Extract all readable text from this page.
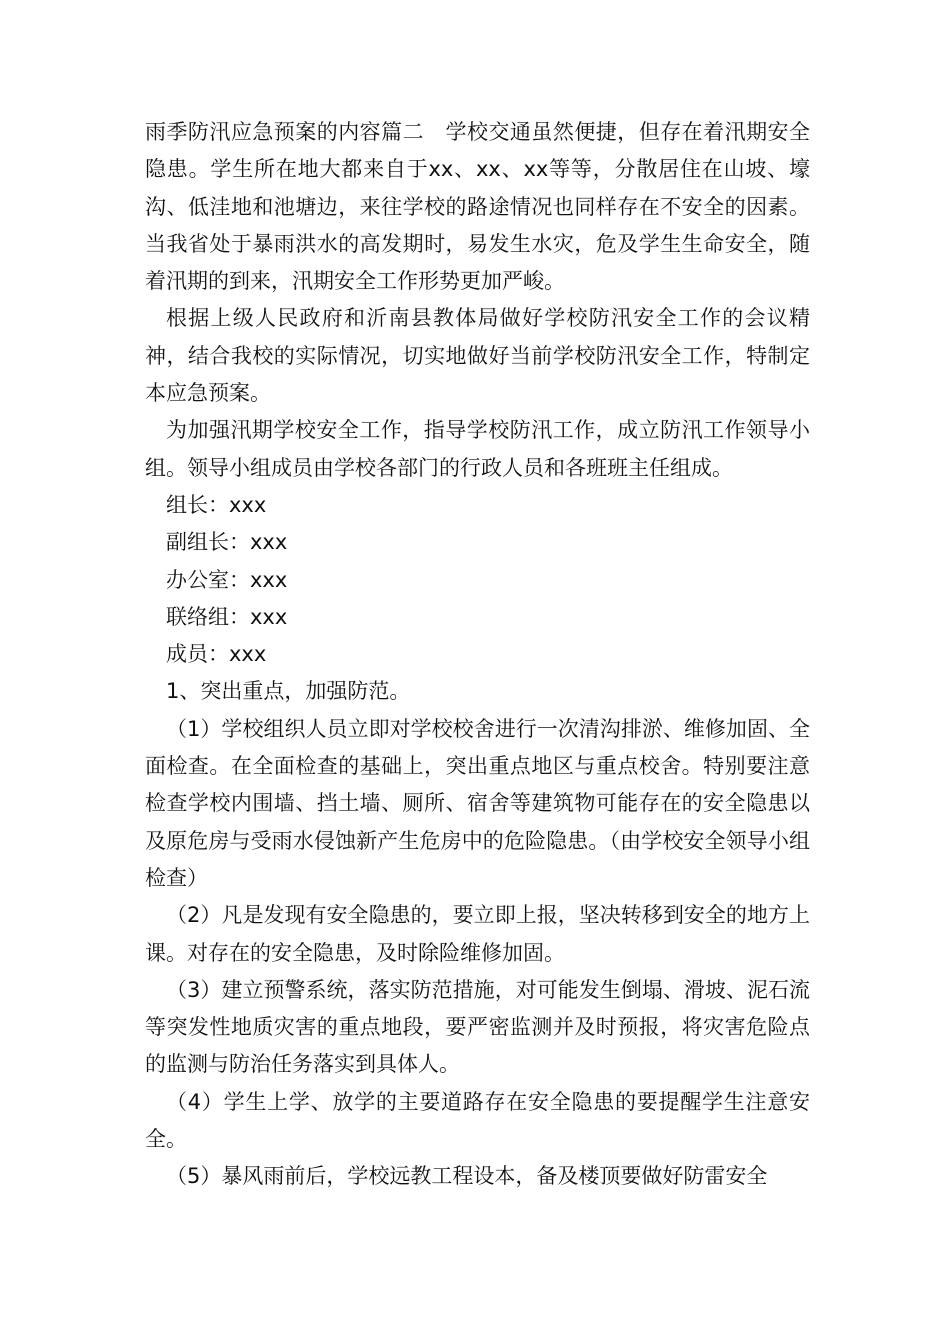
雨季防汛应急预案的内容篇二　学校交通虽然便捷，但存在着汛期安全隐患。学生所在地大都来自于xx、xx、xx等等，分散居住在山坡、壕沟、低洼地和池塘边，来往学校的路途情况也同样存在不安全的因素。当我省处于暴雨洪水的高发期时，易发生水灾，危及学生生命安全，随着汛期的到来，汛期安全工作形势更加严峻。

根据上级人民政府和沂南县教体局做好学校防汛安全工作的会议精神，结合我校的实际情况，切实地做好当前学校防汛安全工作，特制定本应急预案。

为加强汛期学校安全工作，指导学校防汛工作，成立防汛工作领导小组。领导小组成员由学校各部门的行政人员和各班班主任组成。

组长：xxx

副组长：xxx

办公室：xxx

联络组：xxx

成员：xxx

1、突出重点，加强防范。

（1）学校组织人员立即对学校校舍进行一次清沟排淤、维修加固、全面检查。在全面检查的基础上，突出重点地区与重点校舍。特别要注意检查学校内围墙、挡土墙、厕所、宿舍等建筑物可能存在的安全隐患以及原危房与受雨水侵蚀新产生危房中的危险隐患。（由学校安全领导小组检查）

（2）凡是发现有安全隐患的，要立即上报，坚决转移到安全的地方上课。对存在的安全隐患，及时除险维修加固。

（3）建立预警系统，落实防范措施，对可能发生倒塌、滑坡、泥石流等突发性地质灾害的重点地段，要严密监测并及时预报，将灾害危险点的监测与防治任务落实到具体人。

（4）学生上学、放学的主要道路存在安全隐患的要提醒学生注意安全。

（5）暴风雨前后，学校远教工程设本，备及楼顶要做好防雷安全
